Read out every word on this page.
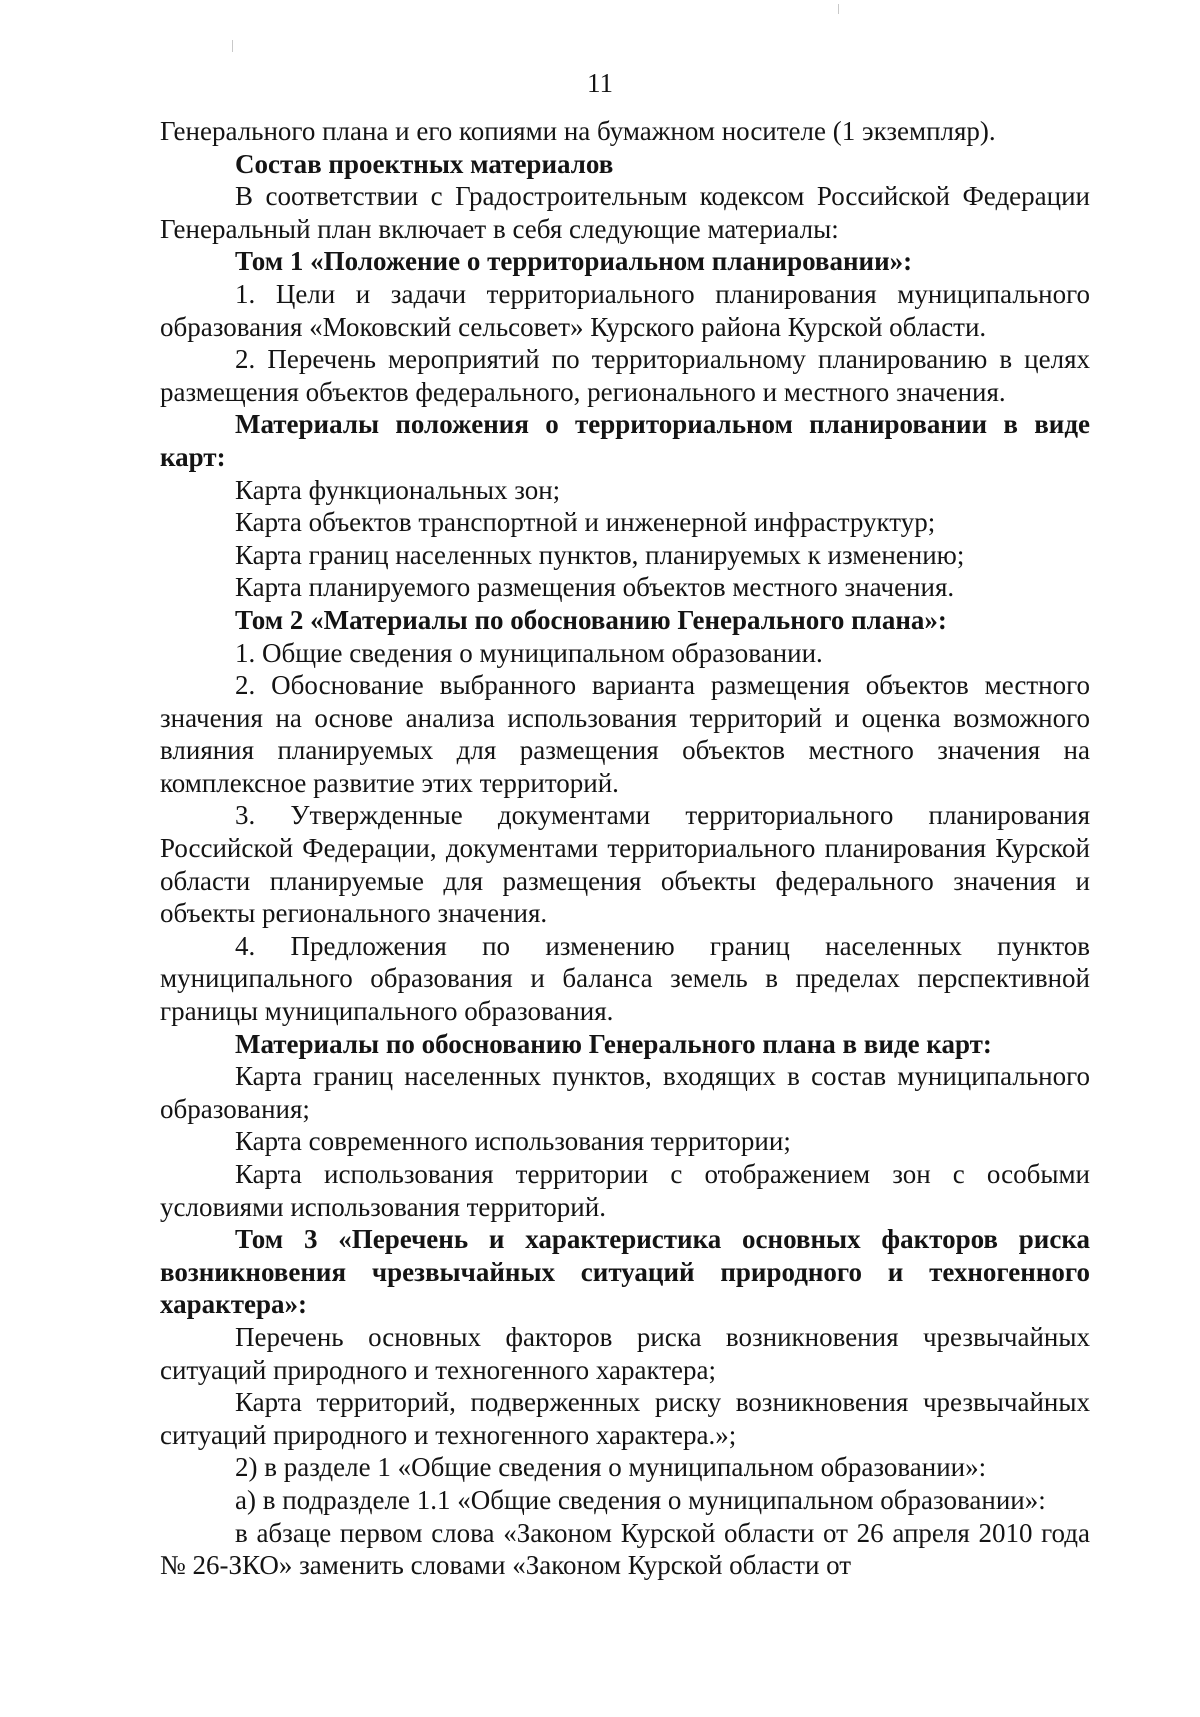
11

Генерального плана и его копиями на бумажном носителе (1 экземпляр).

Состав проектных материалов

В соответствии с Градостроительным кодексом Российской Федерации Генеральный план включает в себя следующие материалы:

Том 1 «Положение о территориальном планировании»:

1. Цели и задачи территориального планирования муниципального образования «Моковский сельсовет» Курского района Курской области.

2. Перечень мероприятий по территориальному планированию в целях размещения объектов федерального, регионального и местного значения.

Материалы положения о территориальном планировании в виде карт:

Карта функциональных зон;

Карта объектов транспортной и инженерной инфраструктур;

Карта границ населенных пунктов, планируемых к изменению;

Карта планируемого размещения объектов местного значения.

Том 2 «Материалы по обоснованию Генерального плана»:

1. Общие сведения о муниципальном образовании.

2. Обоснование выбранного варианта размещения объектов местного значения на основе анализа использования территорий и оценка возможного влияния планируемых для размещения объектов местного значения на комплексное развитие этих территорий.

3. Утвержденные документами территориального планирования Российской Федерации, документами территориального планирования Курской области планируемые для размещения объекты федерального значения и объекты регионального значения.

4. Предложения по изменению границ населенных пунктов муниципального образования и баланса земель в пределах перспективной границы муниципального образования.

Материалы по обоснованию Генерального плана в виде карт:

Карта границ населенных пунктов, входящих в состав муниципального образования;

Карта современного использования территории;

Карта использования территории с отображением зон с особыми условиями использования территорий.

Том 3 «Перечень и характеристика основных факторов риска возникновения чрезвычайных ситуаций природного и техногенного характера»:

Перечень основных факторов риска возникновения чрезвычайных ситуаций природного и техногенного характера;

Карта территорий, подверженных риску возникновения чрезвычайных ситуаций природного и техногенного характера.»;

2) в разделе 1 «Общие сведения о муниципальном образовании»:

а) в подразделе 1.1 «Общие сведения о муниципальном образовании»:

в абзаце первом слова «Законом Курской области от 26 апреля 2010 года № 26-ЗКО» заменить словами «Законом Курской области от
